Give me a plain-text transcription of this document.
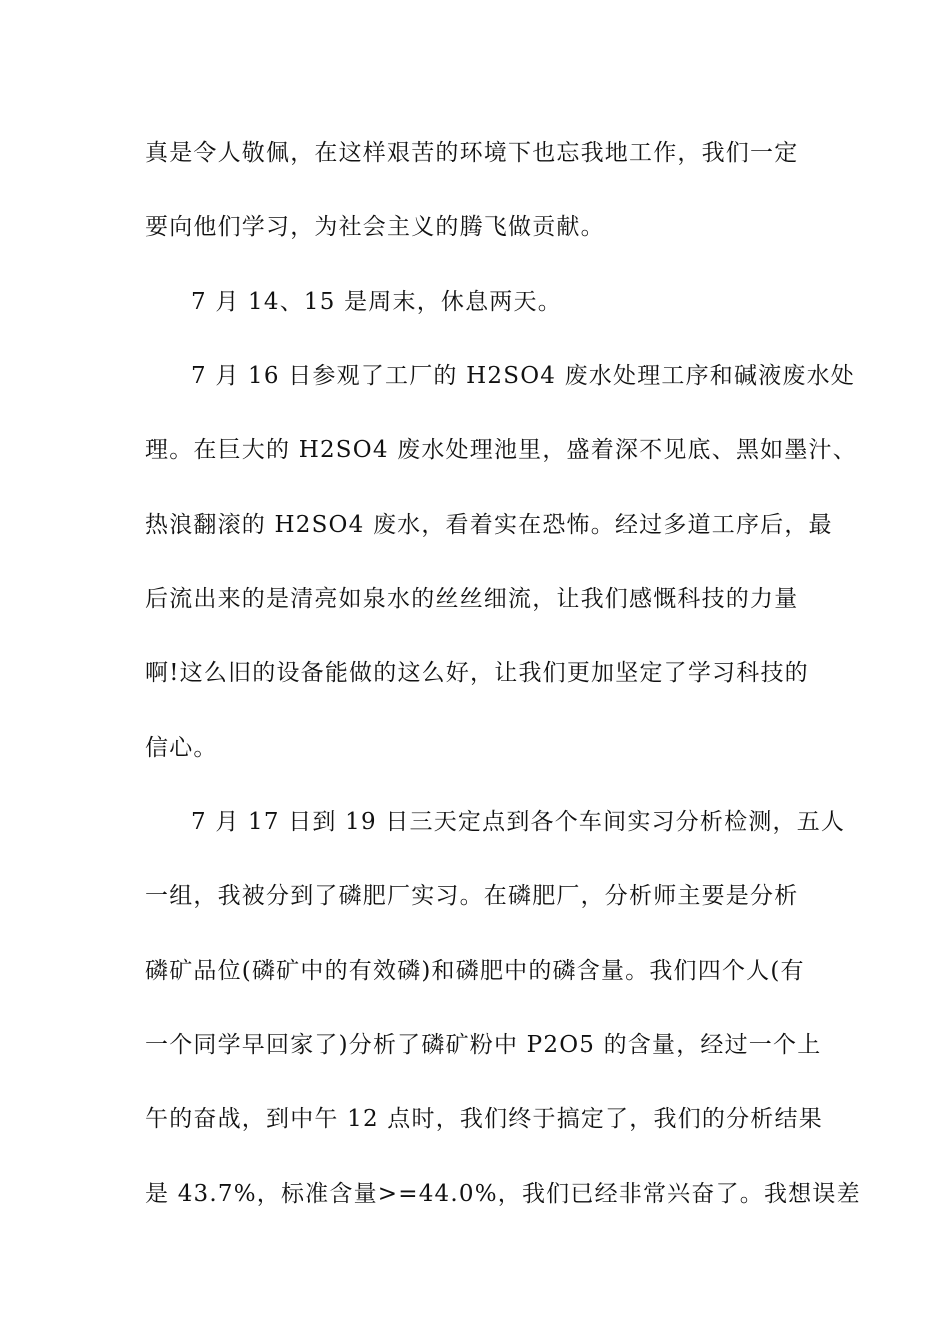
真是令人敬佩，在这样艰苦的环境下也忘我地工作，我们一定
要向他们学习，为社会主义的腾飞做贡献。
7 月 14、15 是周末，休息两天。
7 月 16 日参观了工厂的 H2SO4 废水处理工序和碱液废水处
理。在巨大的 H2SO4 废水处理池里，盛着深不见底、黑如墨汁、
热浪翻滚的 H2SO4 废水，看着实在恐怖。经过多道工序后，最
后流出来的是清亮如泉水的丝丝细流，让我们感慨科技的力量
啊!这么旧的设备能做的这么好，让我们更加坚定了学习科技的
信心。
7 月 17 日到 19 日三天定点到各个车间实习分析检测，五人
一组，我被分到了磷肥厂实习。在磷肥厂，分析师主要是分析
磷矿品位(磷矿中的有效磷)和磷肥中的磷含量。我们四个人(有
一个同学早回家了)分析了磷矿粉中 P2O5 的含量，经过一个上
午的奋战，到中午 12 点时，我们终于搞定了，我们的分析结果
是 43.7%，标准含量>=44.0%，我们已经非常兴奋了。我想误差
